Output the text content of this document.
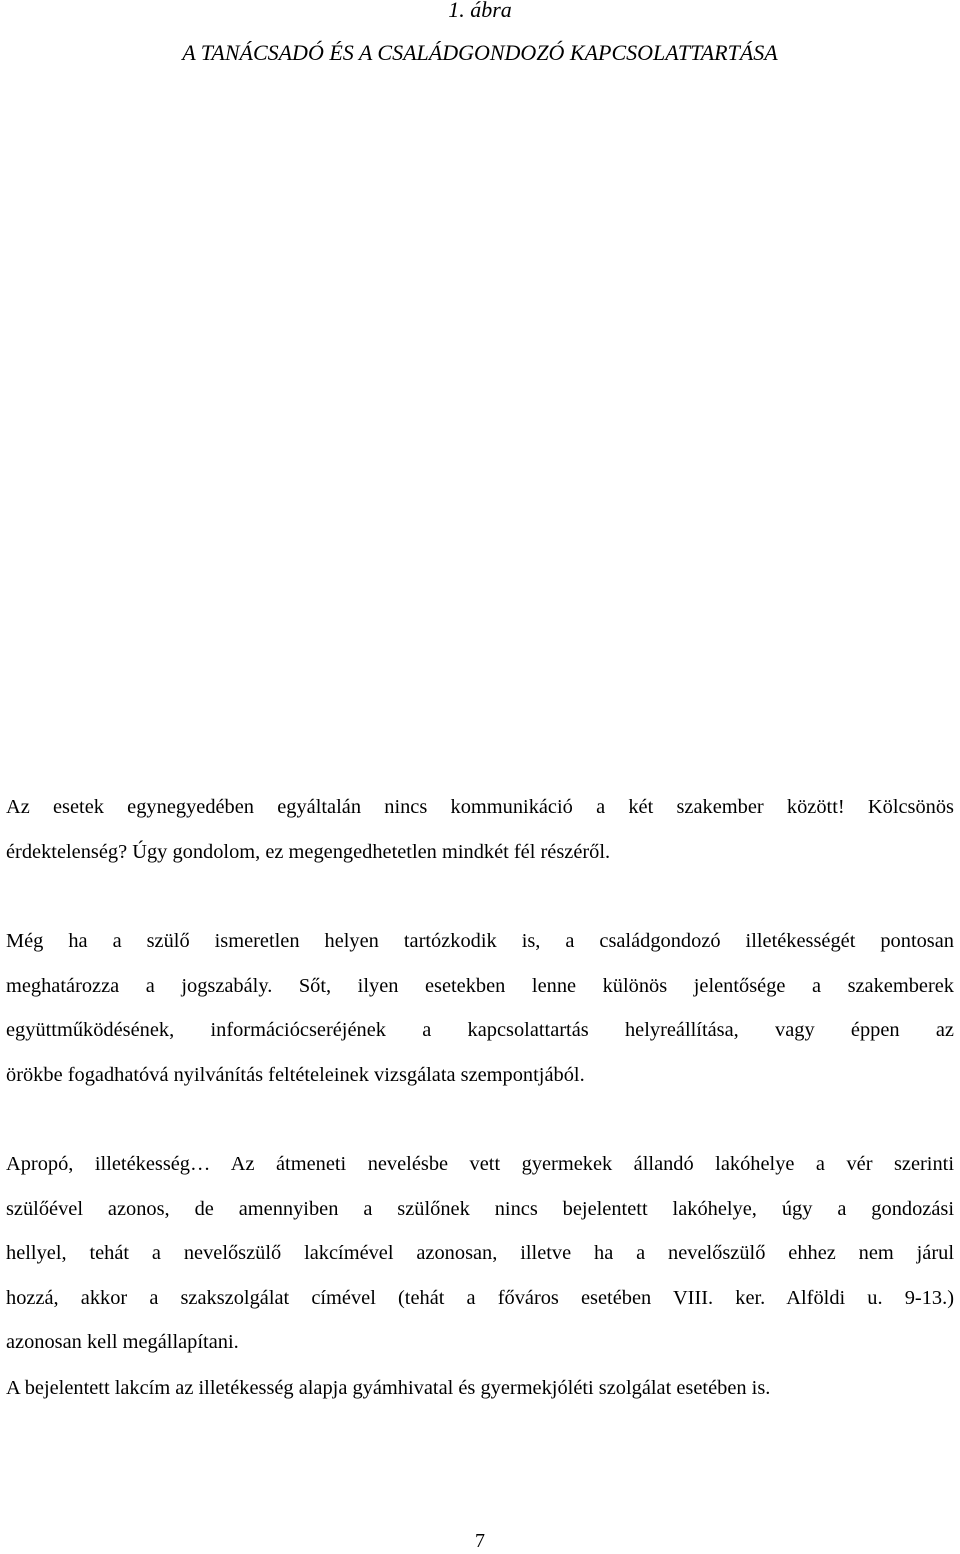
1. ábra
A TANÁCSADÓ ÉS A CSALÁDGONDOZÓ KAPCSOLATTARTÁSA

Az esetek egynegyedében egyáltalán nincs kommunikáció a két szakember között! Kölcsönös
érdektelenség? Úgy gondolom, ez megengedhetetlen mindkét fél részéről.

Még ha a szülő ismeretlen helyen tartózkodik is, a családgondozó illetékességét pontosan
meghatározza a jogszabály. Sőt, ilyen esetekben lenne különös jelentősége a szakemberek
együttműködésének, információcseréjének a kapcsolattartás helyreállítása, vagy éppen az
örökbe fogadhatóvá nyilvánítás feltételeinek vizsgálata szempontjából.

Apropó, illetékesség… Az átmeneti nevelésbe vett gyermekek állandó lakóhelye a vér szerinti
szülőével azonos, de amennyiben a szülőnek nincs bejelentett lakóhelye, úgy a gondozási
hellyel, tehát a nevelőszülő lakcímével azonosan, illetve ha a nevelőszülő ehhez nem járul
hozzá, akkor a szakszolgálat címével (tehát a főváros esetében VIII. ker. Alföldi u. 9-13.)
azonosan kell megállapítani.

A bejelentett lakcím az illetékesség alapja gyámhivatal és gyermekjóléti szolgálat esetében is.

7
